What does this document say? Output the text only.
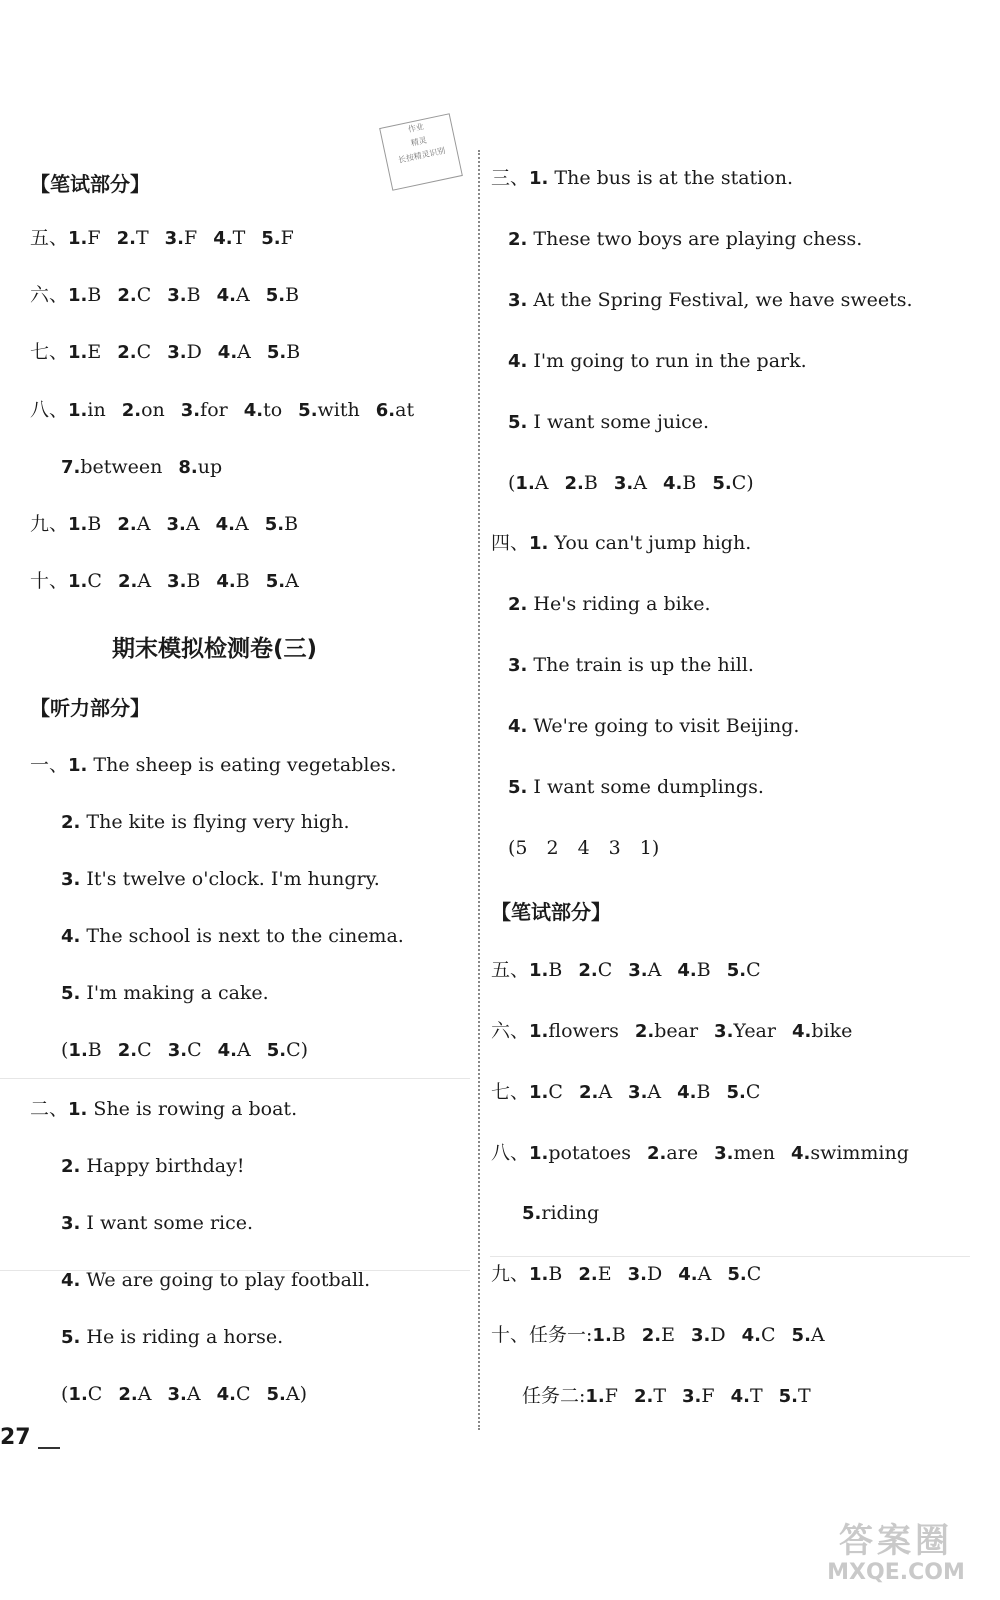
作业
精灵
长按精灵识别
【笔试部分】
五、1.F 2.T 3.F 4.T 5.F
六、1.B 2.C 3.B 4.A 5.B
七、1.E 2.C 3.D 4.A 5.B
八、1.in 2.on 3.for 4.to 5.with 6.at
7.between 8.up
九、1.B 2.A 3.A 4.A 5.B
十、1.C 2.A 3.B 4.B 5.A
期末模拟检测卷(三)
【听力部分】
一、1. The sheep is eating vegetables.
2. The kite is flying very high.
3. It's twelve o'clock. I'm hungry.
4. The school is next to the cinema.
5. I'm making a cake.
(1.B 2.C 3.C 4.A 5.C)
二、1. She is rowing a boat.
2. Happy birthday!
3. I want some rice.
4. We are going to play football.
5. He is riding a horse.
(1.C 2.A 3.A 4.C 5.A)
三、1. The bus is at the station.
2. These two boys are playing chess.
3. At the Spring Festival, we have sweets.
4. I'm going to run in the park.
5. I want some juice.
(1.A 2.B 3.A 4.B 5.C)
四、1. You can't jump high.
2. He's riding a bike.
3. The train is up the hill.
4. We're going to visit Beijing.
5. I want some dumplings.
(5　2　4　3　1)
【笔试部分】
五、1.B 2.C 3.A 4.B 5.C
六、1.flowers 2.bear 3.Year 4.bike
七、1.C 2.A 3.A 4.B 5.C
八、1.potatoes 2.are 3.men 4.swimming
5.riding
九、1.B 2.E 3.D 4.A 5.C
十、任务一:1.B 2.E 3.D 4.C 5.A
任务二:1.F 2.T 3.F 4.T 5.T
27
答案圈
MXQE.COM
